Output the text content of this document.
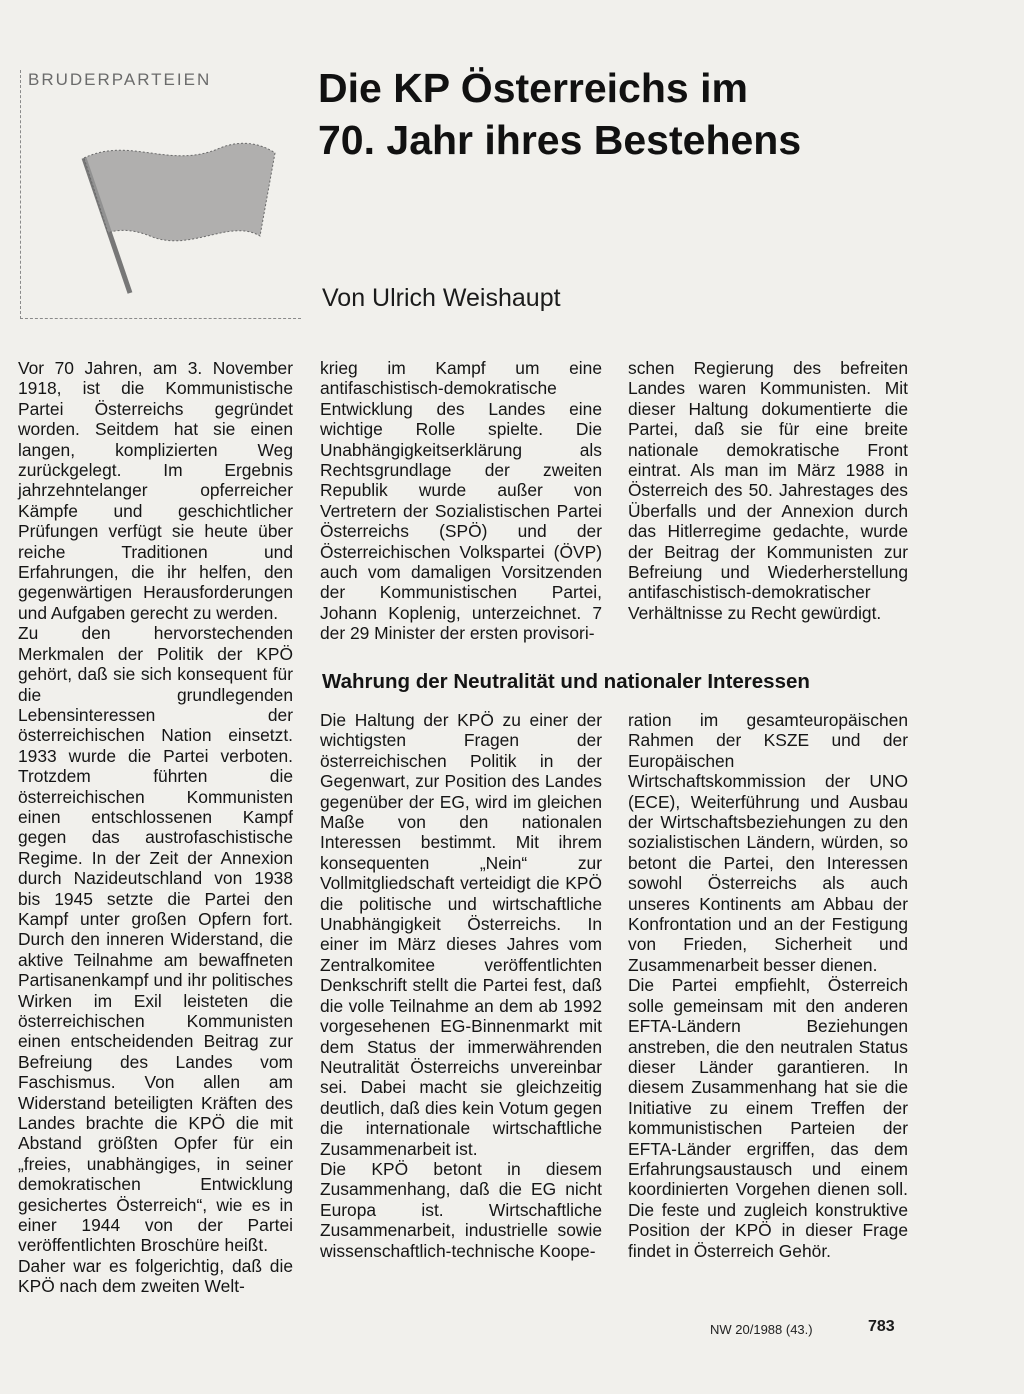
BRUDERPARTEIEN	Die KP Österreichs im
70. Jahr ihres Bestehens
Von Ulrich Weishaupt

Vor 70 Jahren, am 3. November 1918, ist die Kommunistische Partei Österreichs gegründet worden. Seitdem hat sie einen langen, komplizierten Weg zurückgelegt. Im Ergebnis jahrzehntelanger opferreicher Kämpfe und geschichtlicher Prüfungen verfügt sie heute über reiche Traditionen und Erfahrungen, die ihr helfen, den gegenwärtigen Herausforderungen und Aufgaben gerecht zu werden.

Zu den hervorstechenden Merkmalen der Politik der KPÖ gehört, daß sie sich konsequent für die grundlegenden Lebensinteressen der österreichischen Nation einsetzt. 1933 wurde die Partei verboten. Trotzdem führten die österreichischen Kommunisten einen entschlossenen Kampf gegen das austrofaschistische Regime. In der Zeit der Annexion durch Nazideutschland von 1938 bis 1945 setzte die Partei den Kampf unter großen Opfern fort. Durch den inneren Widerstand, die aktive Teilnahme am bewaffneten Partisanenkampf und ihr politisches Wirken im Exil leisteten die österreichischen Kommunisten einen entscheidenden Beitrag zur Befreiung des Landes vom Faschismus. Von allen am Widerstand beteiligten Kräften des Landes brachte die KPÖ die mit Abstand größten Opfer für ein „freies, unabhängiges, in seiner demokratischen Entwicklung gesichertes Österreich“, wie es in einer 1944 von der Partei veröffentlichten Broschüre heißt.

Daher war es folgerichtig, daß die KPÖ nach dem zweiten Welt-

krieg im Kampf um eine antifaschistisch-demokratische Entwicklung des Landes eine wichtige Rolle spielte. Die Unabhängigkeitserklärung als Rechtsgrundlage der zweiten Republik wurde außer von Vertretern der Sozialistischen Partei Österreichs (SPÖ) und der Österreichischen Volkspartei (ÖVP) auch vom damaligen Vorsitzenden der Kommunistischen Partei, Johann Koplenig, unterzeichnet. 7 der 29 Minister der ersten provisori-

schen Regierung des befreiten Landes waren Kommunisten. Mit dieser Haltung dokumentierte die Partei, daß sie für eine breite nationale demokratische Front eintrat. Als man im März 1988 in Österreich des 50. Jahrestages des Überfalls und der Annexion durch das Hitlerregime gedachte, wurde der Beitrag der Kommunisten zur Befreiung und Wiederherstellung antifaschistisch-demokratischer Verhältnisse zu Recht gewürdigt.

Wahrung der Neutralität und nationaler Interessen

Die Haltung der KPÖ zu einer der wichtigsten Fragen der österreichischen Politik in der Gegenwart, zur Position des Landes gegenüber der EG, wird im gleichen Maße von den nationalen Interessen bestimmt. Mit ihrem konsequenten „Nein“ zur Vollmitgliedschaft verteidigt die KPÖ die politische und wirtschaftliche Unabhängigkeit Österreichs. In einer im März dieses Jahres vom Zentralkomitee veröffentlichten Denkschrift stellt die Partei fest, daß die volle Teilnahme an dem ab 1992 vorgesehenen EG-Binnenmarkt mit dem Status der immerwährenden Neutralität Österreichs unvereinbar sei. Dabei macht sie gleichzeitig deutlich, daß dies kein Votum gegen die internationale wirtschaftliche Zusammenarbeit ist.

Die KPÖ betont in diesem Zusammenhang, daß die EG nicht Europa ist. Wirtschaftliche Zusammenarbeit, industrielle sowie wissenschaftlich-technische Koope-

ration im gesamteuropäischen Rahmen der KSZE und der Europäischen Wirtschaftskommission der UNO (ECE), Weiterführung und Ausbau der Wirtschaftsbeziehungen zu den sozialistischen Ländern, würden, so betont die Partei, den Interessen sowohl Österreichs als auch unseres Kontinents am Abbau der Konfrontation und an der Festigung von Frieden, Sicherheit und Zusammenarbeit besser dienen.

Die Partei empfiehlt, Österreich solle gemeinsam mit den anderen EFTA-Ländern Beziehungen anstreben, die den neutralen Status dieser Länder garantieren. In diesem Zusammenhang hat sie die Initiative zu einem Treffen der kommunistischen Parteien der EFTA-Länder ergriffen, das dem Erfahrungsaustausch und einem koordinierten Vorgehen dienen soll. Die feste und zugleich konstruktive Position der KPÖ in dieser Frage findet in Österreich Gehör.

NW 20/1988 (43.)	783
